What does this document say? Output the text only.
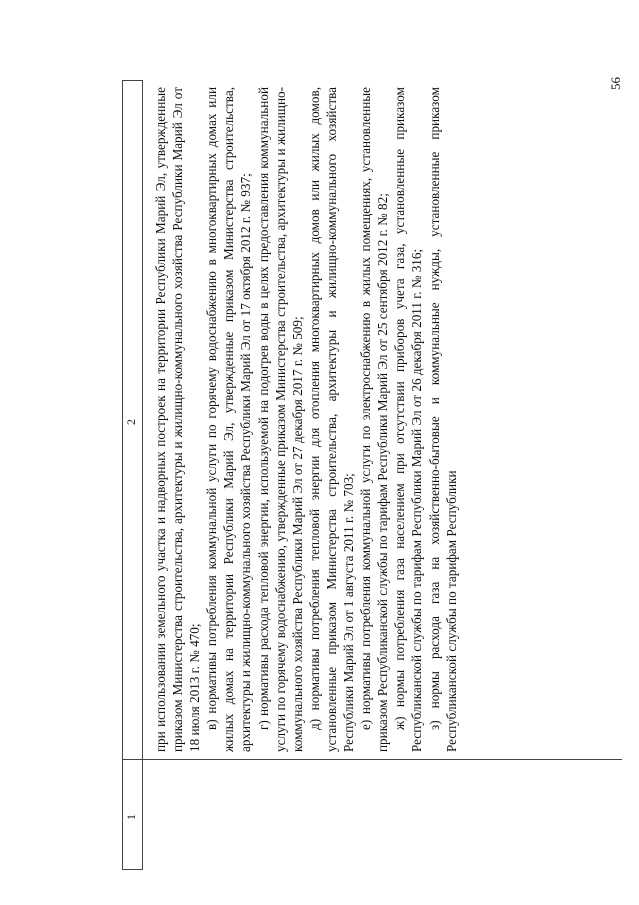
56
1
2 при использовании земельного участка и надворных построек на территории Республики Марий Эл, утвержденные приказом Министерства строительства, архитектуры и жилищно-коммунального хозяйства Республики Марий Эл от 18 июля 2013 г. № 470; в) нормативы потребления коммунальной услуги по горячему водоснабжению в многоквартирных домах или жилых домах на территории Республики Марий Эл, утвержденные приказом Министерства строительства, архитектуры и жилищно-коммунального хозяйства Республики Марий Эл от 17 октября 2012 г. № 937; г) нормативы расхода тепловой энергии, используемой на подогрев воды в целях предоставления коммунальной услуги по горячему водоснабжению, утвержденные приказом Министерства строительства, архитектуры и жилищно-коммунального хозяйства Республики Марий Эл от 27 декабря 2017 г. № 509; д) нормативы потребления тепловой энергии для отопления многоквартирных домов или жилых домов, установленные приказом Министерства строительства, архитектуры и жилищно-коммунального хозяйства Республики Марий Эл от 1 августа 2011 г. № 703; е) нормативы потребления коммунальной услуги по электроснабжению в жилых помещениях, установленные приказом Республиканской службы по тарифам Республики Марий Эл от 25 сентября 2012 г. № 82; ж) нормы потребления газа населением при отсутствии приборов учета газа, установленные приказом Республиканской службы по тарифам Республики Марий Эл от 26 декабря 2011 г. № 316; з) нормы расхода газа на хозяйственно-бытовые и коммунальные нужды, установленные приказом Республиканской службы по тарифам Республики
